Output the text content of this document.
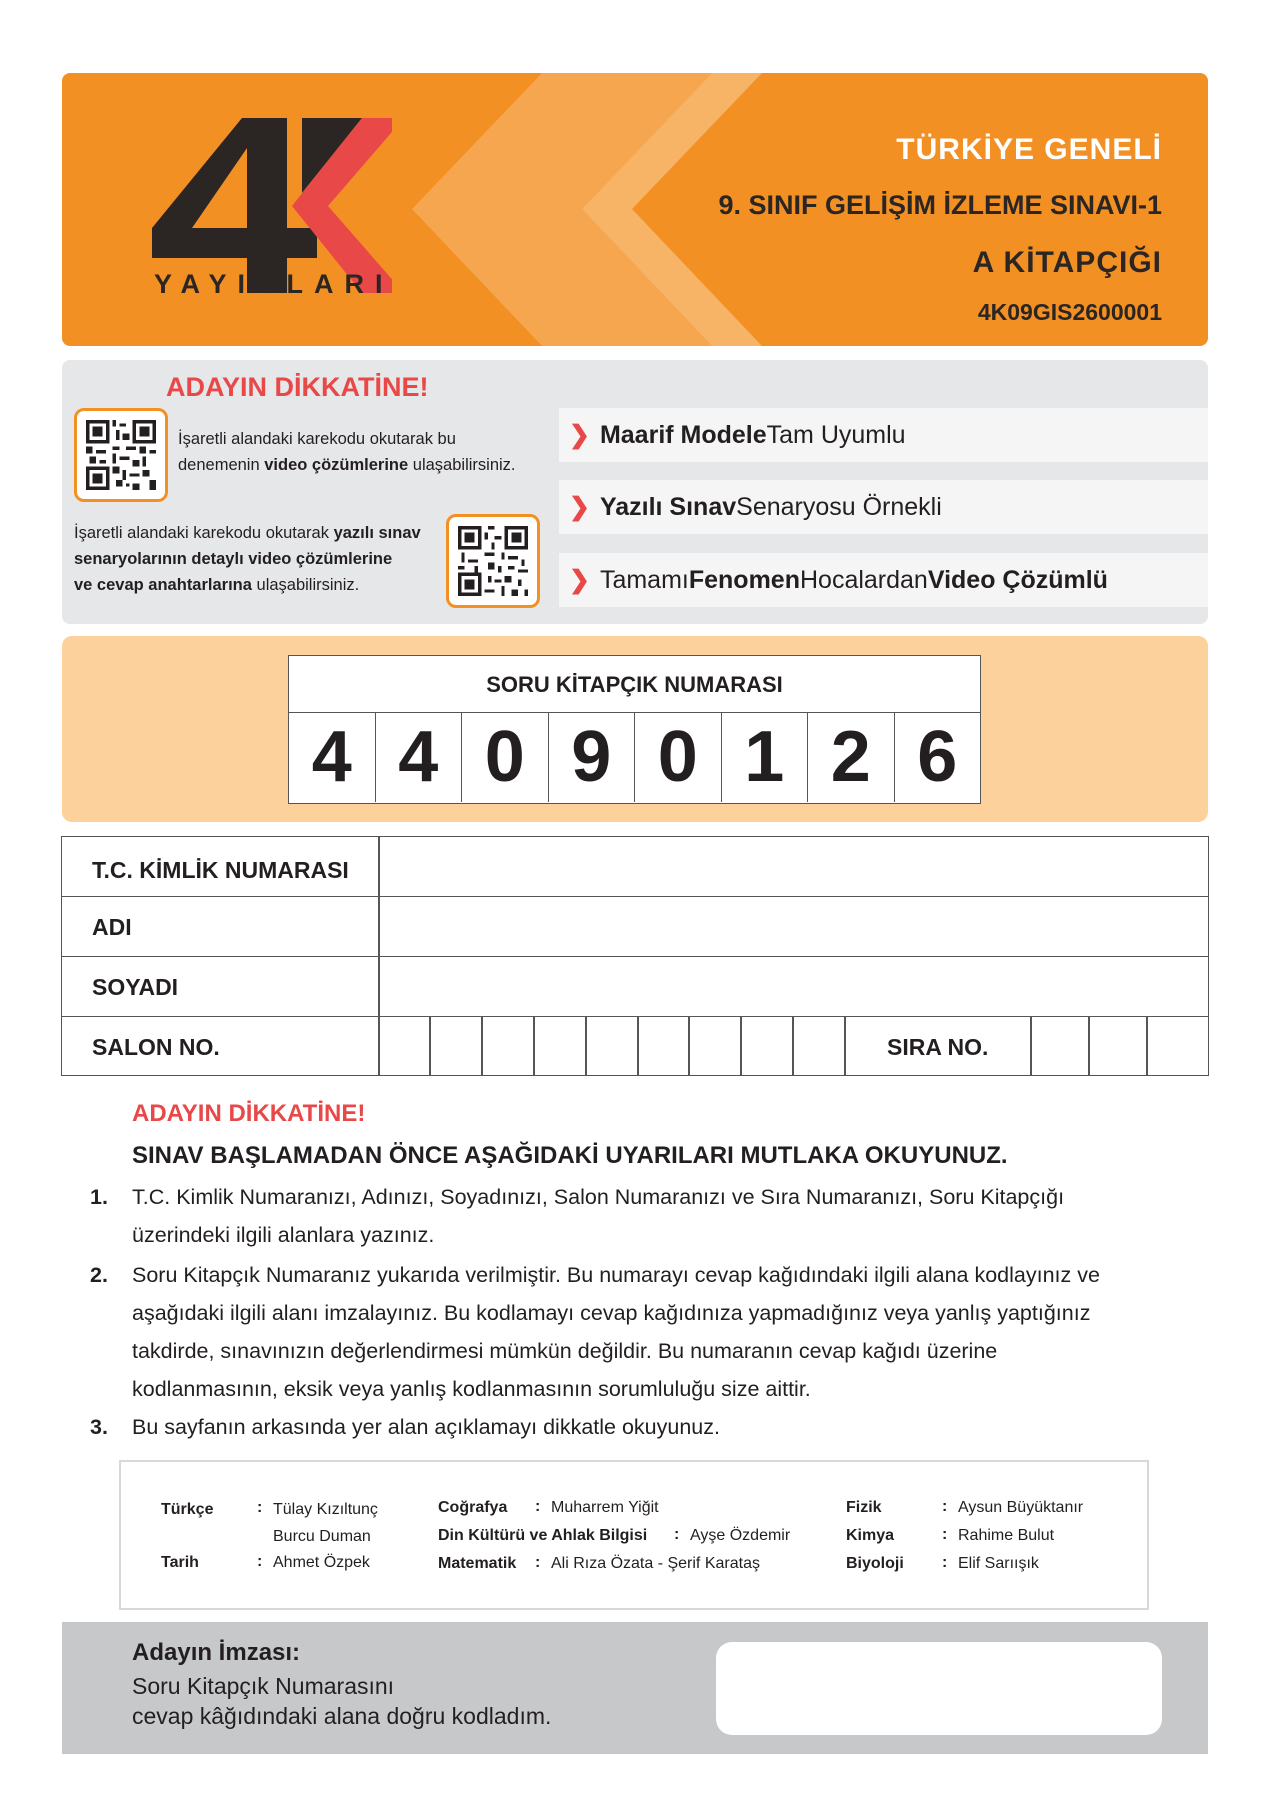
YAYINLARI
TÜRKİYE GENELİ
9. SINIF GELİŞİM İZLEME SINAVI-1
A KİTAPÇIĞI
4K09GIS2600001
ADAYIN DİKKATİNE!
İşaretli alandaki karekodu okutarak bu
denemenin video çözümlerine ulaşabilirsiniz.
İşaretli alandaki karekodu okutarak yazılı sınav
senaryolarının detaylı video çözümlerine
ve cevap anahtarlarına ulaşabilirsiniz.
❯ Maarif Modele Tam Uyumlu
❯ Yazılı Sınav Senaryosu Örnekli
❯ Tamamı Fenomen Hocalardan Video Çözümlü
SORU KİTAPÇIK NUMARASI
4 4 0 9 0 1 2 6
T.C. KİMLİK NUMARASI
ADI
SOYADI
SALON NO.	SIRA NO.
ADAYIN DİKKATİNE!
SINAV BAŞLAMADAN ÖNCE AŞAĞIDAKİ UYARILARI MUTLAKA OKUYUNUZ.
1. T.C. Kimlik Numaranızı, Adınızı, Soyadınızı, Salon Numaranızı ve Sıra Numaranızı, Soru Kitapçığı
üzerindeki ilgili alanlara yazınız.
2. Soru Kitapçık Numaranız yukarıda verilmiştir. Bu numarayı cevap kağıdındaki ilgili alana kodlayınız ve
aşağıdaki ilgili alanı imzalayınız. Bu kodlamayı cevap kağıdınıza yapmadığınız veya yanlış yaptığınız
takdirde, sınavınızın değerlendirmesi mümkün değildir. Bu numaranın cevap kağıdı üzerine
kodlanmasının, eksik veya yanlış kodlanmasının sorumluluğu size aittir.
3. Bu sayfanın arkasında yer alan açıklamayı dikkatle okuyunuz.
Türkçe	: Tülay Kızıltunç
Burcu Duman
Tarih	: Ahmet Özpek
Coğrafya : Muharrem Yiğit
Din Kültürü ve Ahlak Bilgisi : Ayşe Özdemir
Matematik : Ali Rıza Özata - Şerif Karataş
Fizik	: Aysun Büyüktanır
Kimya	: Rahime Bulut
Biyoloji : Elif Sarıışık
Adayın İmzası:
Soru Kitapçık Numarasını
cevap kâğıdındaki alana doğru kodladım.
